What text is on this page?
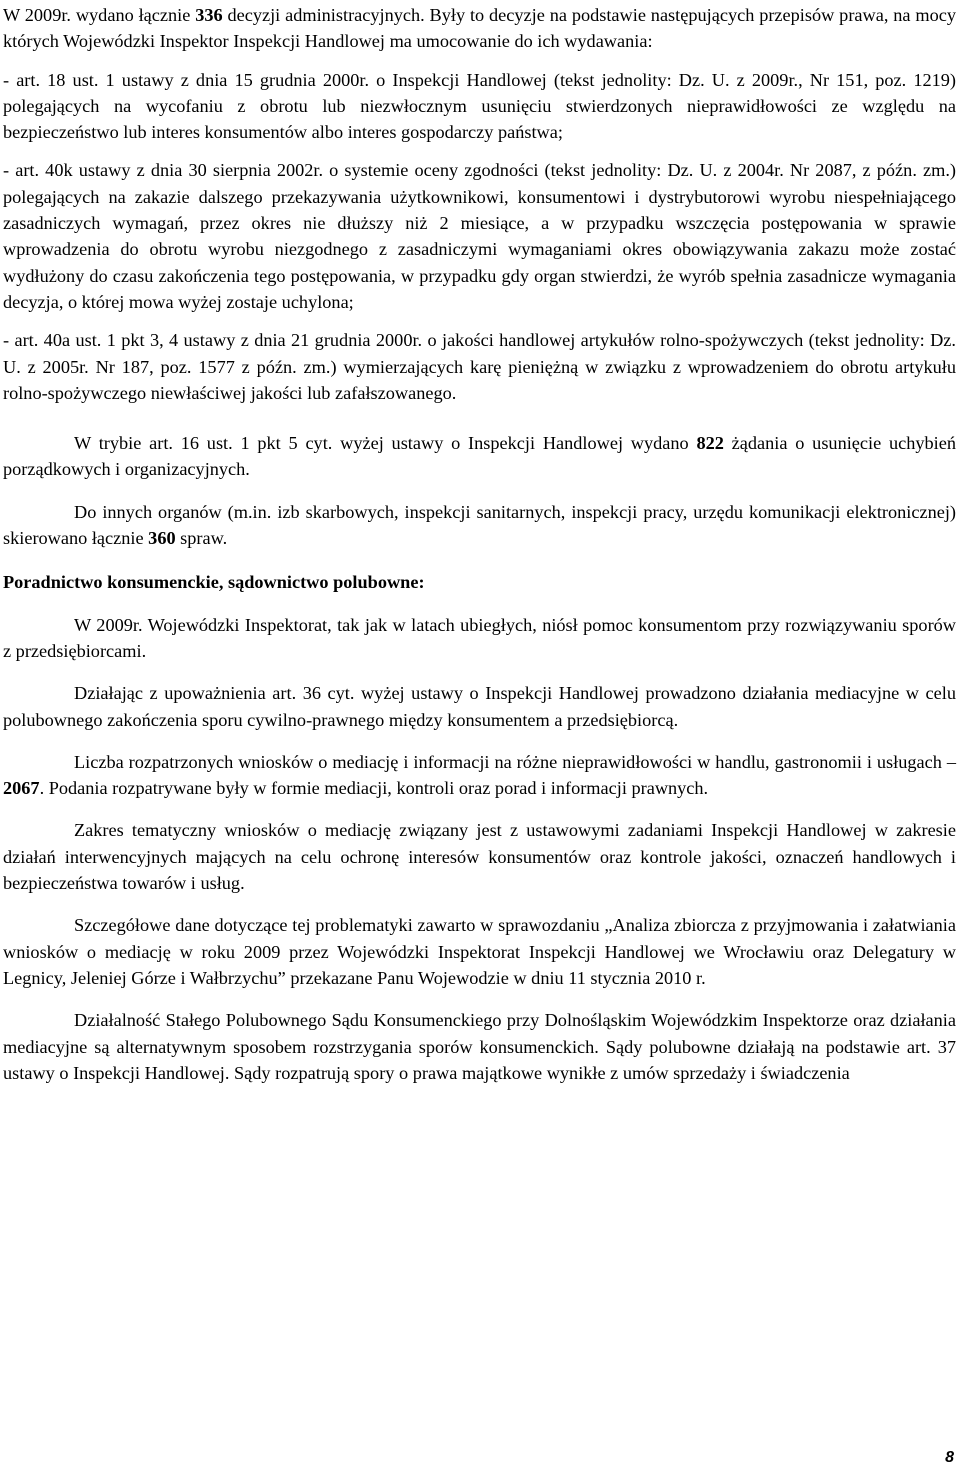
W 2009r. wydano łącznie 336 decyzji administracyjnych. Były to decyzje na podstawie następujących przepisów prawa, na mocy których Wojewódzki Inspektor Inspekcji Handlowej ma umocowanie do ich wydawania:

- art. 18 ust. 1 ustawy z dnia 15 grudnia 2000r. o Inspekcji Handlowej (tekst jednolity: Dz. U. z 2009r., Nr 151, poz. 1219) polegających na wycofaniu z obrotu lub niezwłocznym usunięciu stwierdzonych nieprawidłowości ze względu na bezpieczeństwo lub interes konsumentów albo interes gospodarczy państwa;

- art. 40k ustawy z dnia 30 sierpnia 2002r. o systemie oceny zgodności (tekst jednolity: Dz. U. z 2004r. Nr 2087, z późn. zm.) polegających na zakazie dalszego przekazywania użytkownikowi, konsumentowi i dystrybutorowi wyrobu niespełniającego zasadniczych wymagań, przez okres nie dłuższy niż 2 miesiące, a w przypadku wszczęcia postępowania w sprawie wprowadzenia do obrotu wyrobu niezgodnego z zasadniczymi wymaganiami okres obowiązywania zakazu może zostać wydłużony do czasu zakończenia tego postępowania, w przypadku gdy organ stwierdzi, że wyrób spełnia zasadnicze wymagania decyzja, o której mowa wyżej zostaje uchylona;

- art. 40a ust. 1 pkt 3, 4 ustawy z dnia 21 grudnia 2000r. o jakości handlowej artykułów rolno-spożywczych (tekst jednolity: Dz. U. z 2005r. Nr 187, poz. 1577 z późn. zm.) wymierzających karę pieniężną w związku z wprowadzeniem do obrotu artykułu rolno-spożywczego niewłaściwej jakości lub zafałszowanego.

W trybie art. 16 ust. 1 pkt 5 cyt. wyżej ustawy o Inspekcji Handlowej wydano 822 żądania o usunięcie uchybień porządkowych i organizacyjnych.

Do innych organów (m.in. izb skarbowych, inspekcji sanitarnych, inspekcji pracy, urzędu komunikacji elektronicznej) skierowano łącznie 360 spraw.

Poradnictwo konsumenckie, sądownictwo polubowne:

W 2009r. Wojewódzki Inspektorat, tak jak w latach ubiegłych, niósł pomoc konsumentom przy rozwiązywaniu sporów z przedsiębiorcami.

Działając z upoważnienia art. 36 cyt. wyżej ustawy o Inspekcji Handlowej prowadzono działania mediacyjne w celu polubownego zakończenia sporu cywilno-prawnego między konsumentem a przedsiębiorcą.

Liczba rozpatrzonych wniosków o mediację i informacji na różne nieprawidłowości w handlu, gastronomii i usługach – 2067. Podania rozpatrywane były w formie mediacji, kontroli oraz porad i informacji prawnych.

Zakres tematyczny wniosków o mediację związany jest z ustawowymi zadaniami Inspekcji Handlowej w zakresie działań interwencyjnych mających na celu ochronę interesów konsumentów oraz kontrole jakości, oznaczeń handlowych i bezpieczeństwa towarów i usług.

Szczegółowe dane dotyczące tej problematyki zawarto w sprawozdaniu „Analiza zbiorcza z przyjmowania i załatwiania wniosków o mediację w roku 2009 przez Wojewódzki Inspektorat Inspekcji Handlowej we Wrocławiu oraz Delegatury w Legnicy, Jeleniej Górze i Wałbrzychu” przekazane Panu Wojewodzie w dniu 11 stycznia 2010 r.

Działalność Stałego Polubownego Sądu Konsumenckiego przy Dolnośląskim Wojewódzkim Inspektorze oraz działania mediacyjne są alternatywnym sposobem rozstrzygania sporów konsumenckich. Sądy polubowne działają na podstawie art. 37 ustawy o Inspekcji Handlowej. Sądy rozpatrują spory o prawa majątkowe wynikłe z umów sprzedaży i świadczenia

8
